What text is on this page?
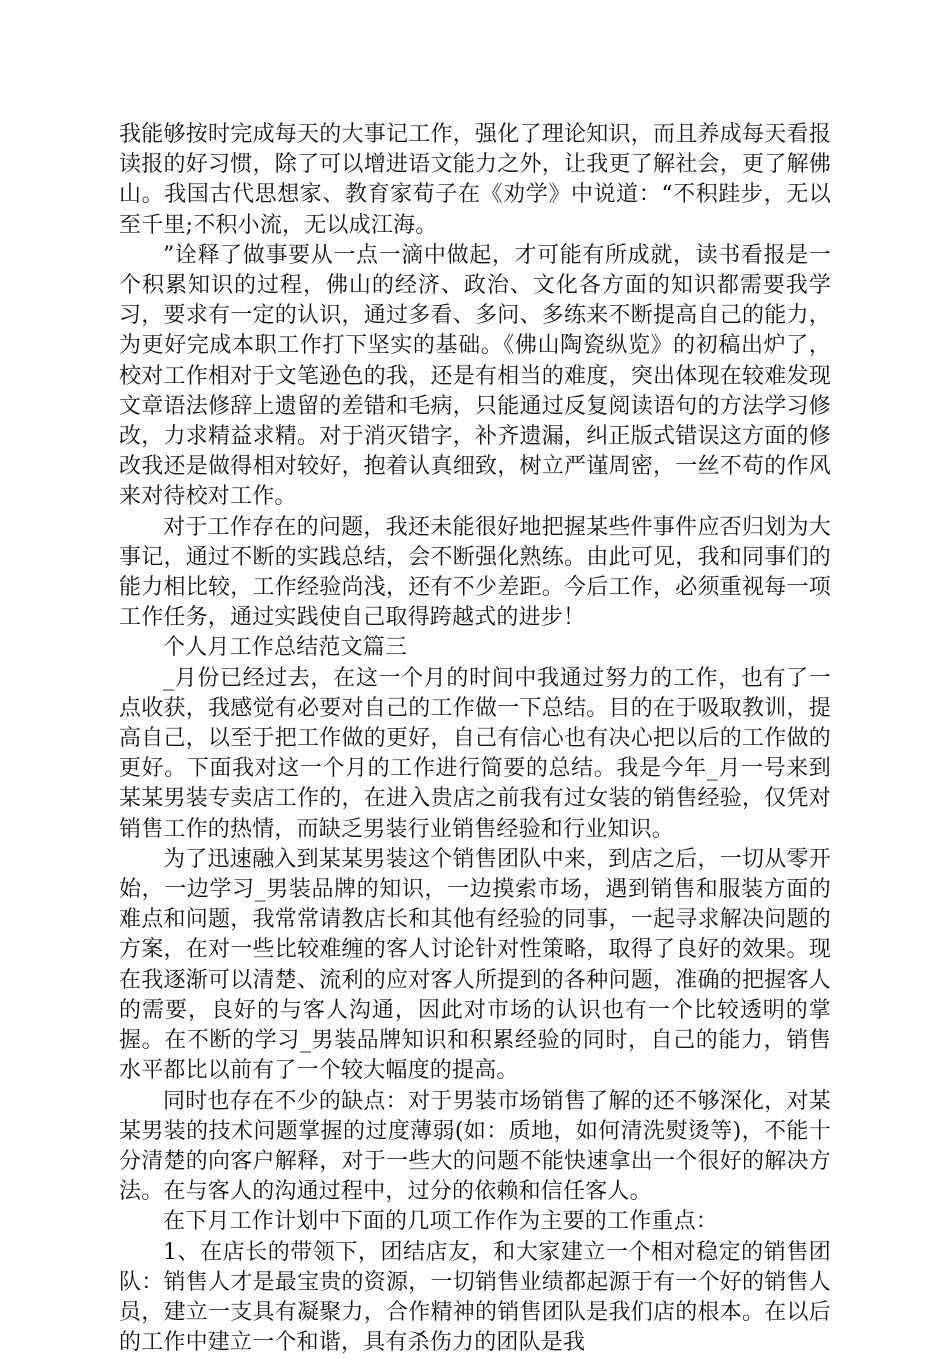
我能够按时完成每天的大事记工作，强化了理论知识，而且养成每天看报读报的好习惯，除了可以增进语文能力之外，让我更了解社会，更了解佛山。我国古代思想家、教育家荀子在《劝学》中说道：“不积跬步，无以至千里;不积小流，无以成江海。

”诠释了做事要从一点一滴中做起，才可能有所成就，读书看报是一个积累知识的过程，佛山的经济、政治、文化各方面的知识都需要我学习，要求有一定的认识，通过多看、多问、多练来不断提高自己的能力，为更好完成本职工作打下坚实的基础。《佛山陶瓷纵览》的初稿出炉了，校对工作相对于文笔逊色的我，还是有相当的难度，突出体现在较难发现文章语法修辞上遗留的差错和毛病，只能通过反复阅读语句的方法学习修改，力求精益求精。对于消灭错字，补齐遗漏，纠正版式错误这方面的修改我还是做得相对较好，抱着认真细致，树立严谨周密，一丝不苟的作风来对待校对工作。

对于工作存在的问题，我还未能很好地把握某些件事件应否归划为大事记，通过不断的实践总结，会不断强化熟练。由此可见，我和同事们的能力相比较，工作经验尚浅，还有不少差距。今后工作，必须重视每一项工作任务，通过实践使自己取得跨越式的进步！

个人月工作总结范文篇三

_月份已经过去，在这一个月的时间中我通过努力的工作，也有了一点收获，我感觉有必要对自己的工作做一下总结。目的在于吸取教训，提高自己，以至于把工作做的更好，自己有信心也有决心把以后的工作做的更好。下面我对这一个月的工作进行简要的总结。我是今年_月一号来到某某男装专卖店工作的，在进入贵店之前我有过女装的销售经验，仅凭对销售工作的热情，而缺乏男装行业销售经验和行业知识。

为了迅速融入到某某男装这个销售团队中来，到店之后，一切从零开始，一边学习_男装品牌的知识，一边摸索市场，遇到销售和服装方面的难点和问题，我常常请教店长和其他有经验的同事，一起寻求解决问题的方案，在对一些比较难缠的客人讨论针对性策略，取得了良好的效果。现在我逐渐可以清楚、流利的应对客人所提到的各种问题，准确的把握客人的需要，良好的与客人沟通，因此对市场的认识也有一个比较透明的掌握。在不断的学习_男装品牌知识和积累经验的同时，自己的能力，销售水平都比以前有了一个较大幅度的提高。

同时也存在不少的缺点：对于男装市场销售了解的还不够深化，对某某男装的技术问题掌握的过度薄弱(如：质地，如何清洗熨烫等)，不能十分清楚的向客户解释，对于一些大的问题不能快速拿出一个很好的解决方法。在与客人的沟通过程中，过分的依赖和信任客人。

在下月工作计划中下面的几项工作作为主要的工作重点：

1、在店长的带领下，团结店友，和大家建立一个相对稳定的销售团队：销售人才是最宝贵的资源，一切销售业绩都起源于有一个好的销售人员，建立一支具有凝聚力，合作精神的销售团队是我们店的根本。在以后的工作中建立一个和谐，具有杀伤力的团队是我
